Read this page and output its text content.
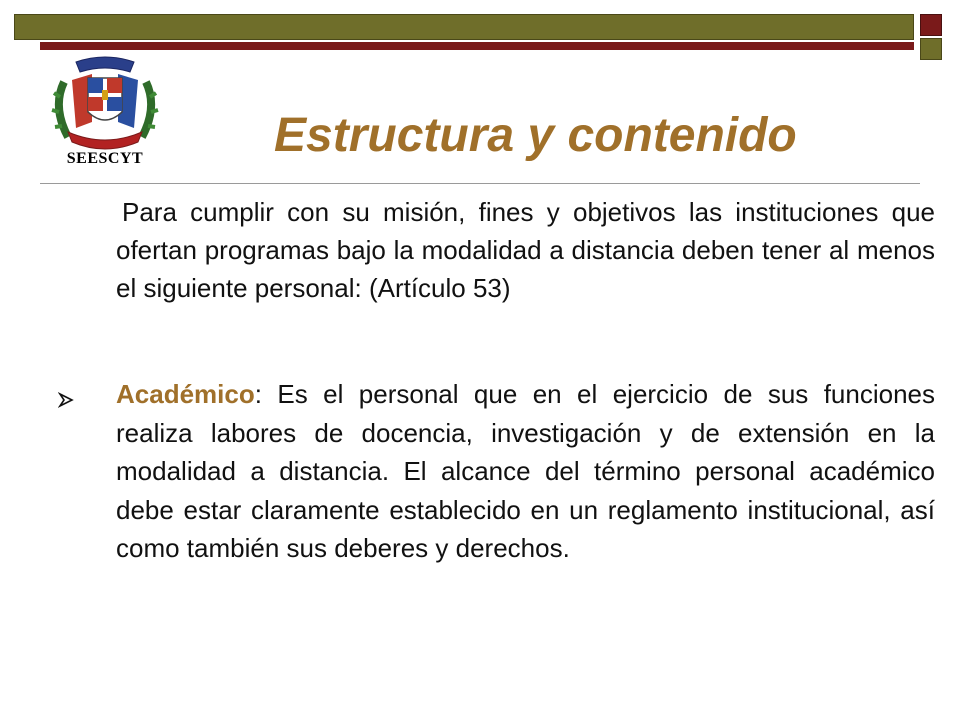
SEESCYT	Estructura y contenido

Para cumplir con su misión, fines y objetivos las instituciones que ofertan programas bajo la modalidad a distancia deben tener al menos el siguiente personal: (Artículo 53)

Académico: Es el personal que en el ejercicio de sus funciones realiza labores de docencia, investigación y de extensión en la modalidad a distancia. El alcance del término personal académico debe estar claramente establecido en un reglamento institucional, así como también sus deberes y derechos.
